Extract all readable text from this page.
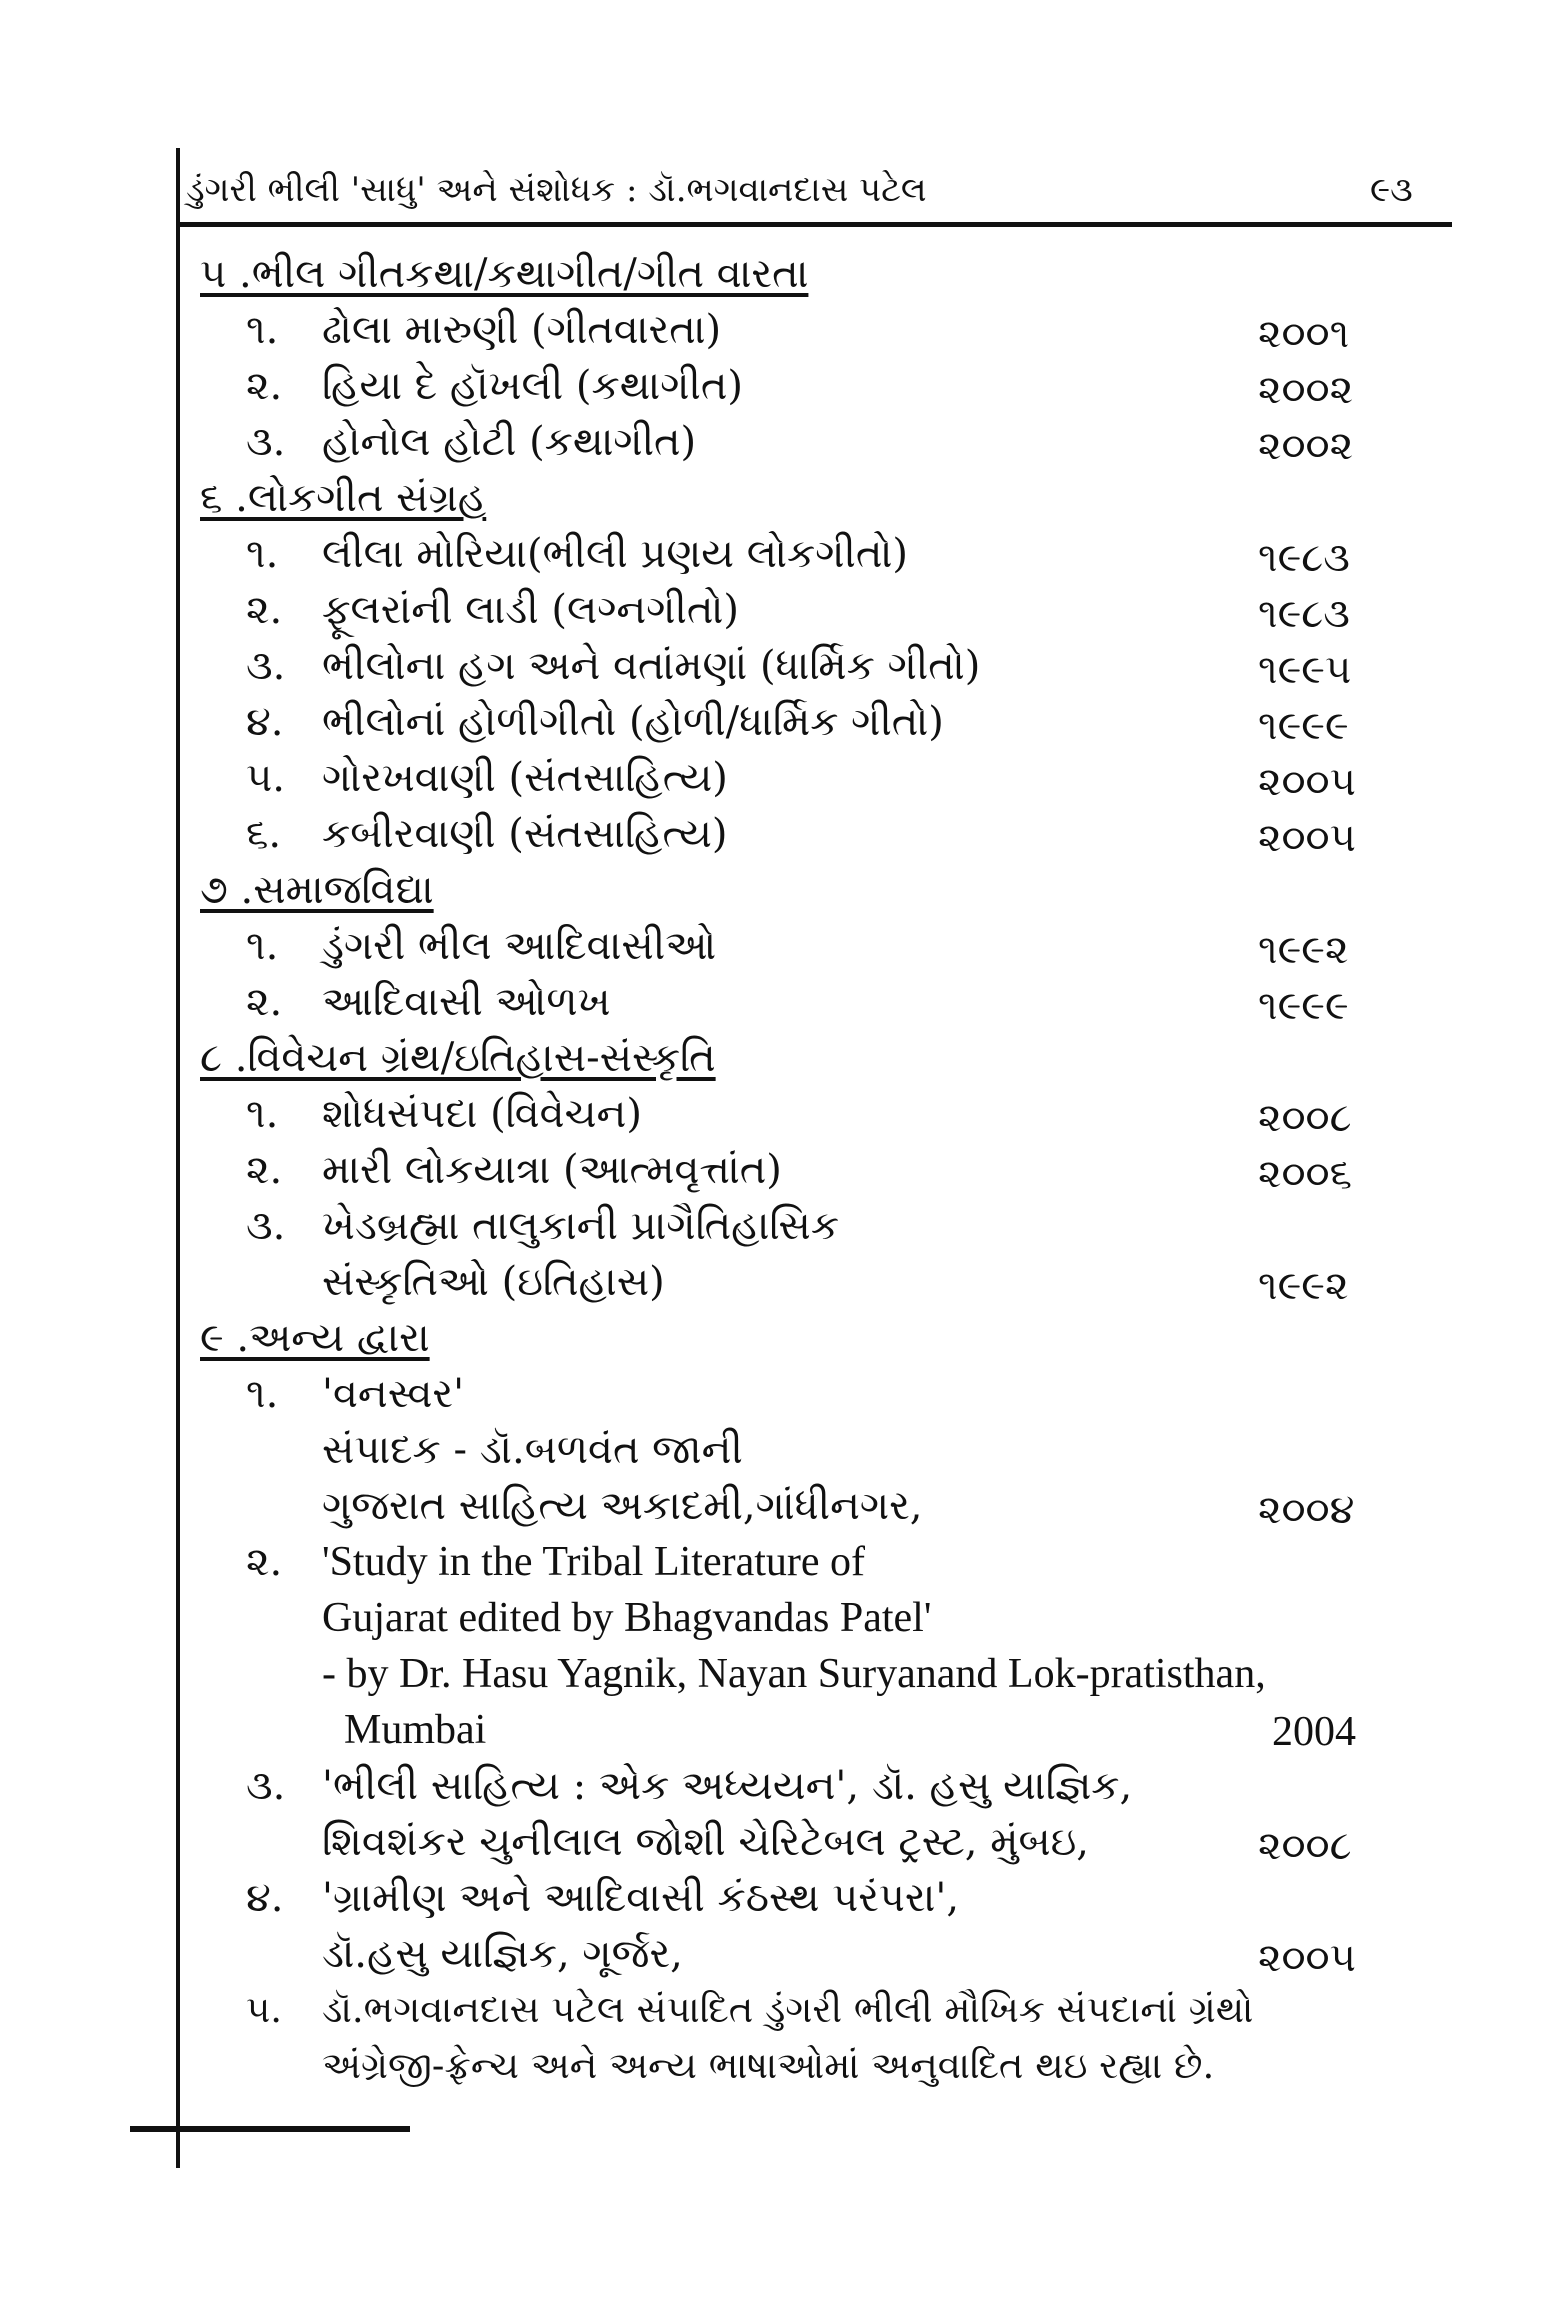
ડુંગરી ભીલી 'સાધુ' અને સંશોધક : ડૉ.ભગવાનદાસ પટેલ	૯૩
૫ .ભીલ ગીતકથા/કથાગીત/ગીત વારતા
૧. ઢોલા મારુણી (ગીતવારતા)	૨૦૦૧
૨. હિયા દે હૉખલી (કથાગીત)	૨૦૦૨
૩. હોનોલ હોટી (કથાગીત)	૨૦૦૨
૬ .લોકગીત સંગ્રહ
૧. લીલા મોરિયા(ભીલી પ્રણય લોકગીતો)	૧૯૮૩
૨. ફૂલરાંની લાડી (લગ્નગીતો)	૧૯૮૩
૩. ભીલોના હગ અને વતાંમણાં (ધાર્મિક ગીતો)	૧૯૯૫
૪. ભીલોનાં હોળીગીતો (હોળી/ધાર્મિક ગીતો)	૧૯૯૯
૫. ગોરખવાણી (સંતસાહિત્ય)	૨૦૦૫
૬. કબીરવાણી (સંતસાહિત્ય)	૨૦૦૫
૭ .સમાજવિદ્યા
૧. ડુંગરી ભીલ આદિવાસીઓ	૧૯૯૨
૨. આદિવાસી ઓળખ	૧૯૯૯
૮ .વિવેચન ગ્રંથ/ઇતિહાસ-સંસ્કૃતિ
૧. શોધસંપદા (વિવેચન)	૨૦૦૮
૨. મારી લોકયાત્રા (આત્મવૃત્તાંત)	૨૦૦૬
૩. ખેડબ્રહ્મા તાલુકાની પ્રાગૈતિહાસિક
સંસ્કૃતિઓ (ઇતિહાસ)	૧૯૯૨
૯ .અન્ય દ્વારા
૧. 'વનસ્વર'
સંપાદક - ડૉ.બળવંત જાની
ગુજરાત સાહિત્ય અકાદમી,ગાંધીનગર,	૨૦૦૪
૨. 'Study in the Tribal Literature of
Gujarat edited by Bhagvandas Patel'
- by Dr. Hasu Yagnik, Nayan Suryanand Lok-pratisthan,
Mumbai	2004
૩. 'ભીલી સાહિત્ય : એક અધ્યયન', ડૉ. હસુ યાજ્ઞિક,
શિવશંકર ચુનીલાલ જોશી ચેરિટેબલ ટ્રસ્ટ, મુંબઇ,	૨૦૦૮
૪. 'ગ્રામીણ અને આદિવાસી કંઠસ્થ પરંપરા',
ડૉ.હસુ યાજ્ઞિક, ગૂર્જર,	૨૦૦૫
૫. ડૉ.ભગવાનદાસ પટેલ સંપાદિત ડુંગરી ભીલી મૌખિક સંપદાનાં ગ્રંથો
અંગ્રેજી-ફ્રેન્ચ અને અન્ય ભાષાઓમાં અનુવાદિત થઇ રહ્યા છે.
